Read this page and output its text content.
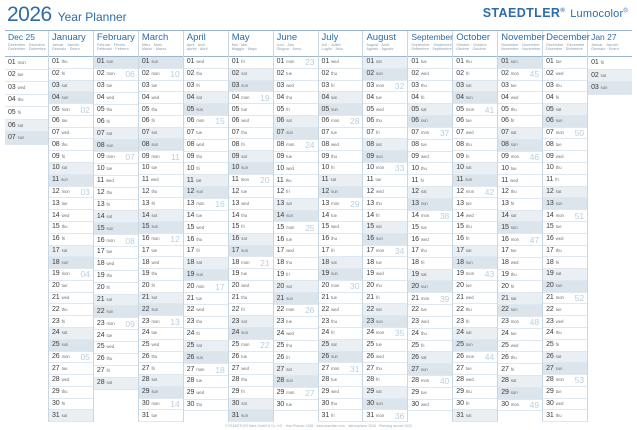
2026 Year Planner	STAEDTLER® Lumocolor®
Dec 25
Dezember · Dicembre
December · Diciembre
01 mon
02 tue
03 wed
04 thu
05 fri
06 sat
07 sun
January
Januar · Janvier
Gennaio · Enero
01 thu
02 fri
03 sat
04 sun
05 mon 02
06 tue
07 wed
08 thu
09 fri
10 sat
11 sun
12 mon 03
13 tue
14 wed
15 thu
16 fri
17 sat
18 sun
19 mon 04
20 tue
21 wed
22 thu
23 fri
24 sat
25 sun
26 mon 05
27 tue
28 wed
29 thu
30 fri
31 sat
February
Februar · Février
Febbraio · Febrero
01 sun
02 mon 06
03 tue
04 wed
05 thu
06 fri
07 sat
08 sun
09 mon 07
10 tue
11 wed
12 thu
13 fri
14 sat
15 sun
16 mon 08
17 tue
18 wed
19 thu
20 fri
21 sat
22 sun
23 mon 09
24 tue
25 wed
26 thu
27 fri
28 sat
March
März · Mars
Marzo · Marzo
01 sun
02 mon 10
03 tue
04 wed
05 thu
06 fri
07 sat
08 sun
09 mon 11
10 tue
11 wed
12 thu
13 fri
14 sat
15 sun
16 mon 12
17 tue
18 wed
19 thu
20 fri
21 sat
22 sun
23 mon 13
24 tue
25 wed
26 thu
27 fri
28 sat
29 sun
30 mon 14
31 tue
April
April · Avril
Aprile · Abril
01 wed
02 thu
03 fri
04 sat
05 sun
06 mon 15
07 tue
08 wed
09 thu
10 fri
11 sat
12 sun
13 mon 16
14 tue
15 wed
16 thu
17 fri
18 sat
19 sun
20 mon 17
21 tue
22 wed
23 thu
24 fri
25 sat
26 sun
27 mon 18
28 tue
29 wed
30 thu
May
Mai · Mai
Maggio · Mayo
01 fri
02 sat
03 sun
04 mon 19
05 tue
06 wed
07 thu
08 fri
09 sat
10 sun
11 mon 20
12 tue
13 wed
14 thu
15 fri
16 sat
17 sun
18 mon 21
19 tue
20 wed
21 thu
22 fri
23 sat
24 sun
25 mon 22
26 tue
27 wed
28 thu
29 fri
30 sat
31 sun
June
Juni · Juin
Giugno · Junio
01 mon 23
02 tue
03 wed
04 thu
05 fri
06 sat
07 sun
08 mon 24
09 tue
10 wed
11 thu
12 fri
13 sat
14 sun
15 mon 25
16 tue
17 wed
18 thu
19 fri
20 sat
21 sun
22 mon 26
23 tue
24 wed
25 thu
26 fri
27 sat
28 sun
29 mon 27
30 tue
July
Juli · Juillet
Luglio · Julio
01 wed
02 thu
03 fri
04 sat
05 sun
06 mon 28
07 tue
08 wed
09 thu
10 fri
11 sat
12 sun
13 mon 29
14 tue
15 wed
16 thu
17 fri
18 sat
19 sun
20 mon 30
21 tue
22 wed
23 thu
24 fri
25 sat
26 sun
27 mon 31
28 tue
29 wed
30 thu
31 fri
August
August · Août
Agosto · Agosto
01 sat
02 sun
03 mon 32
04 tue
05 wed
06 thu
07 fri
08 sat
09 sun
10 mon 33
11 tue
12 wed
13 thu
14 fri
15 sat
16 sun
17 mon 34
18 tue
19 wed
20 thu
21 fri
22 sat
23 sun
24 mon 35
25 tue
26 wed
27 thu
28 fri
29 sat
30 sun
31 mon 36
September
September · Septembre
Settembre · Septiembre
01 tue
02 wed
03 thu
04 fri
05 sat
06 sun
07 mon 37
08 tue
09 wed
10 thu
11 fri
12 sat
13 sun
14 mon 38
15 tue
16 wed
17 thu
18 fri
19 sat
20 sun
21 mon 39
22 tue
23 wed
24 thu
25 fri
26 sat
27 sun
28 mon 40
29 tue
30 wed
October
Oktober · Octobre
Ottobre · Octubre
01 thu
02 fri
03 sat
04 sun
05 mon 41
06 tue
07 wed
08 thu
09 fri
10 sat
11 sun
12 mon 42
13 tue
14 wed
15 thu
16 fri
17 sat
18 sun
19 mon 43
20 tue
21 wed
22 thu
23 fri
24 sat
25 sun
26 mon 44
27 tue
28 wed
29 thu
30 fri
31 sat
November
November · Novembre
Novembre · Noviembre
01 sun
02 mon 45
03 tue
04 wed
05 thu
06 fri
07 sat
08 sun
09 mon 46
10 tue
11 wed
12 thu
13 fri
14 sat
15 sun
16 mon 47
17 tue
18 wed
19 thu
20 fri
21 sat
22 sun
23 mon 48
24 tue
25 wed
26 thu
27 fri
28 sat
29 sun
30 mon 49
December
Dezember · Décembre
Dicembre · Diciembre
01 tue
02 wed
03 thu
04 fri
05 sat
06 sun
07 mon 50
08 tue
09 wed
10 thu
11 fri
12 sat
13 sun
14 mon 51
15 tue
16 wed
17 thu
18 fri
19 sat
20 sun
21 mon 52
22 tue
23 wed
24 thu
25 fri
26 sat
27 sun
28 mon 53
29 tue
30 wed
31 thu
Jan 27
Januar · Janvier
Gennaio · Enero
01 fri
02 sat
03 sun
© STAEDTLER Mars GmbH & Co. KG · Year Planner 2026 · www.staedtler.com · Jahresplaner 2026 · Planning annuel 2026
